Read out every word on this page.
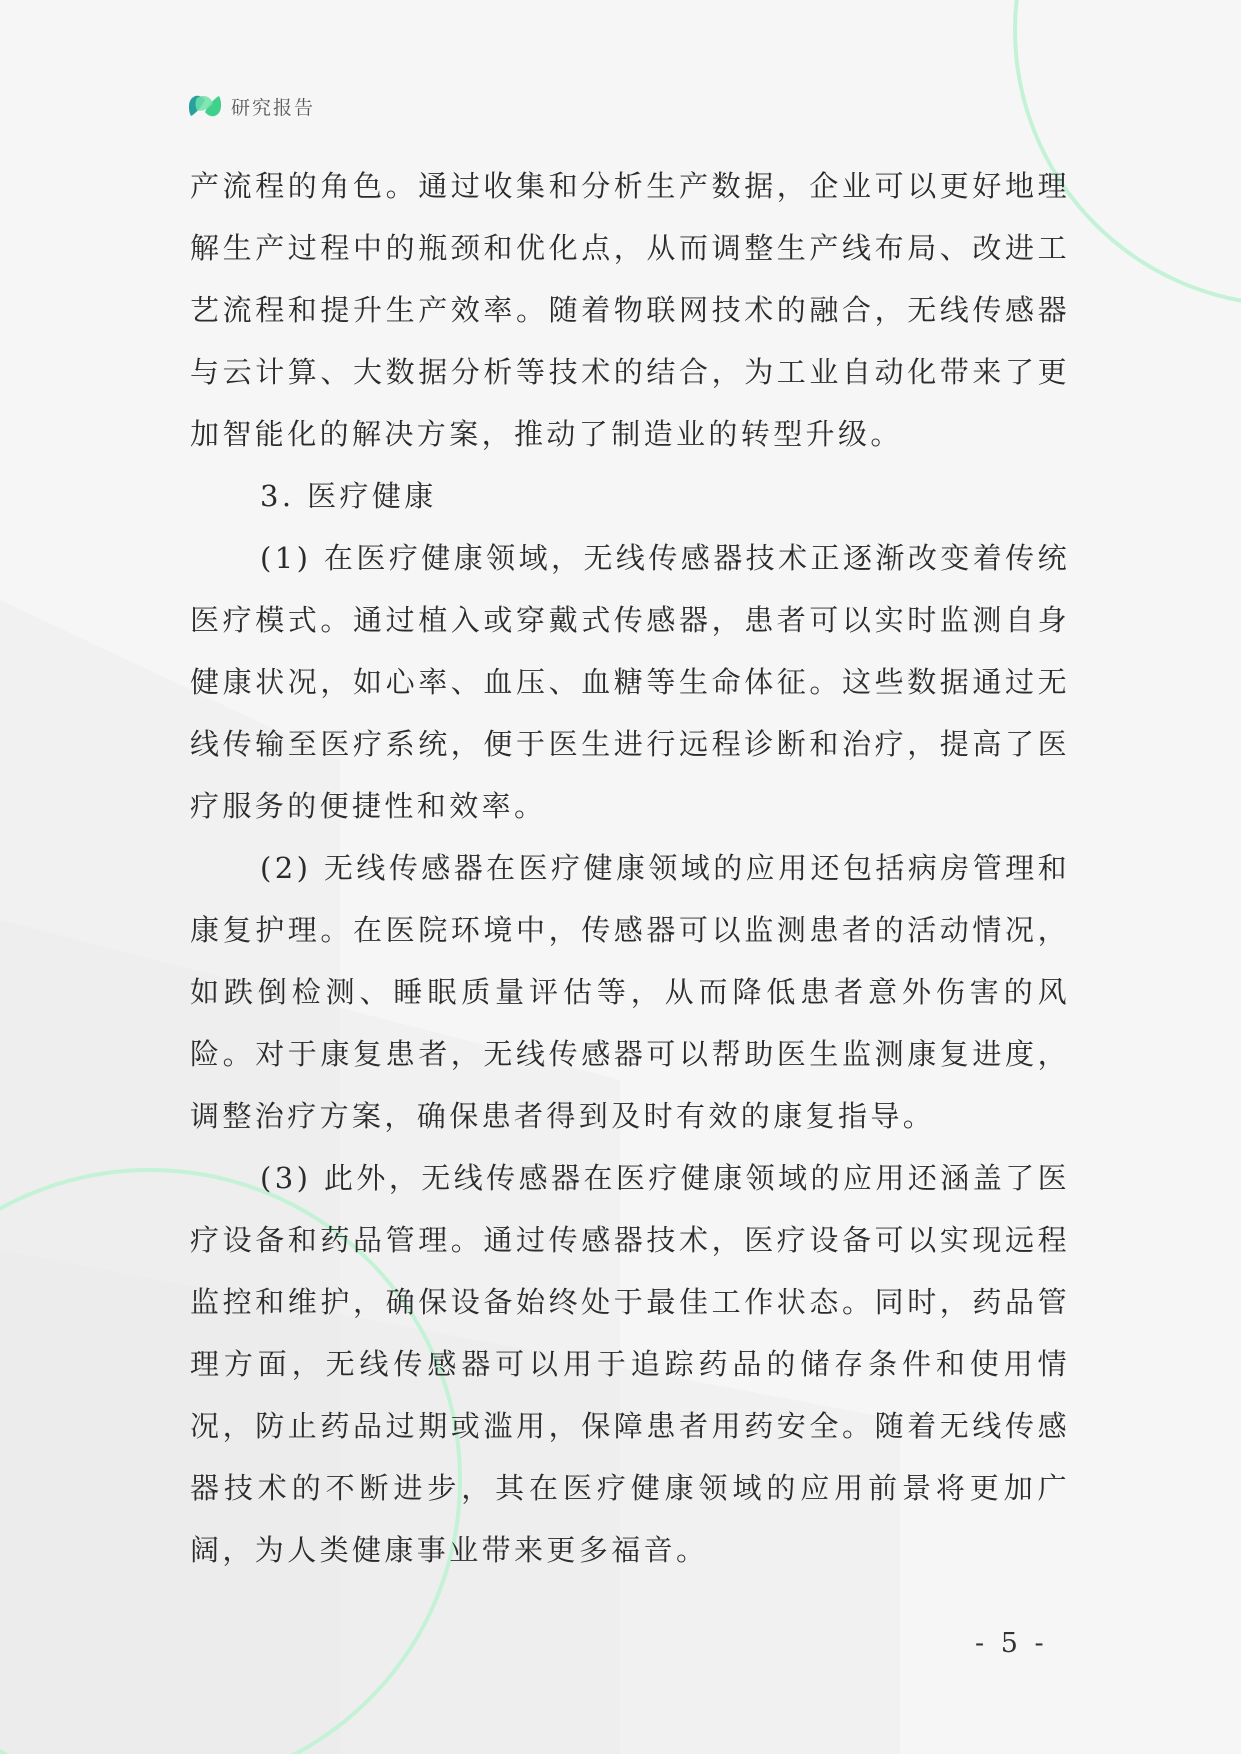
研究报告

产流程的角色。通过收集和分析生产数据，企业可以更好地理解生产过程中的瓶颈和优化点，从而调整生产线布局、改进工艺流程和提升生产效率。随着物联网技术的融合，无线传感器与云计算、大数据分析等技术的结合，为工业自动化带来了更加智能化的解决方案，推动了制造业的转型升级。

3. 医疗健康

(1) 在医疗健康领域，无线传感器技术正逐渐改变着传统医疗模式。通过植入或穿戴式传感器，患者可以实时监测自身健康状况，如心率、血压、血糖等生命体征。这些数据通过无线传输至医疗系统，便于医生进行远程诊断和治疗，提高了医疗服务的便捷性和效率。

(2) 无线传感器在医疗健康领域的应用还包括病房管理和康复护理。在医院环境中，传感器可以监测患者的活动情况，如跌倒检测、睡眠质量评估等，从而降低患者意外伤害的风险。对于康复患者，无线传感器可以帮助医生监测康复进度，调整治疗方案，确保患者得到及时有效的康复指导。

(3) 此外，无线传感器在医疗健康领域的应用还涵盖了医疗设备和药品管理。通过传感器技术，医疗设备可以实现远程监控和维护，确保设备始终处于最佳工作状态。同时，药品管理方面，无线传感器可以用于追踪药品的储存条件和使用情况，防止药品过期或滥用，保障患者用药安全。随着无线传感器技术的不断进步，其在医疗健康领域的应用前景将更加广阔，为人类健康事业带来更多福音。

- 5 -
